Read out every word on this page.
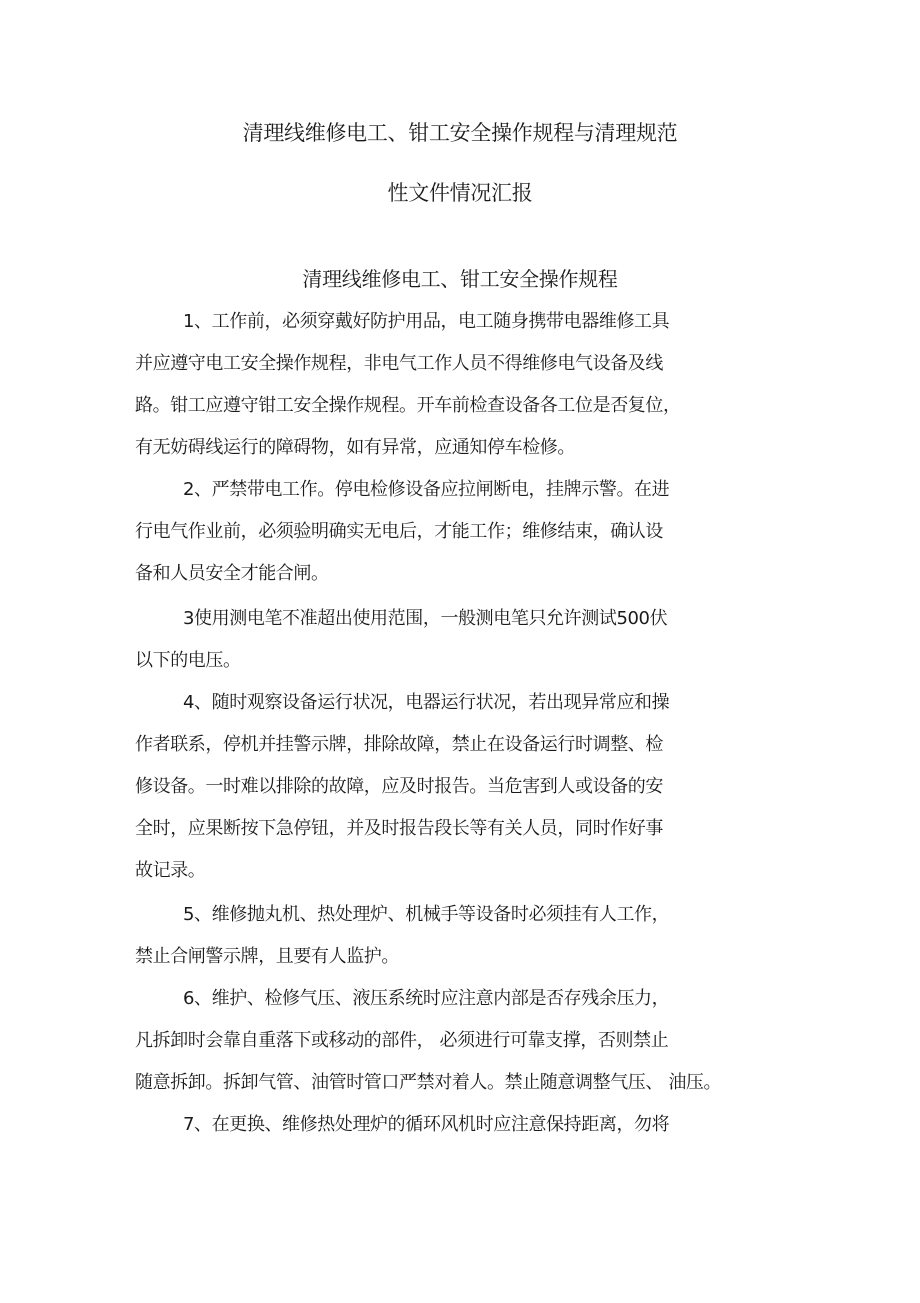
清理线维修电工、钳工安全操作规程与清理规范
性文件情况汇报
清理线维修电工、钳工安全操作规程
1、工作前，必须穿戴好防护用品，电工随身携带电器维修工具
并应遵守电工安全操作规程，非电气工作人员不得维修电气设备及线
路。钳工应遵守钳工安全操作规程。开车前检查设备各工位是否复位，
有无妨碍线运行的障碍物，如有异常，应通知停车检修。
2、严禁带电工作。停电检修设备应拉闸断电，挂牌示警。在进
行电气作业前，必须验明确实无电后，才能工作；维修结束，确认设
备和人员安全才能合闸。
3使用测电笔不准超出使用范围，一般测电笔只允许测试500伏
以下的电压。
4、随时观察设备运行状况，电器运行状况，若出现异常应和操
作者联系，停机并挂警示牌，排除故障，禁止在设备运行时调整、检
修设备。一时难以排除的故障，应及时报告。当危害到人或设备的安
全时，应果断按下急停钮，并及时报告段长等有关人员，同时作好事
故记录。
5、维修抛丸机、热处理炉、机械手等设备时必须挂有人工作，
禁止合闸警示牌，且要有人监护。
6、维护、检修气压、液压系统时应注意内部是否存残余压力，
凡拆卸时会靠自重落下或移动的部件， 必须进行可靠支撑，否则禁止
随意拆卸。拆卸气管、油管时管口严禁对着人。禁止随意调整气压、 油压。
7、在更换、维修热处理炉的循环风机时应注意保持距离，勿将
